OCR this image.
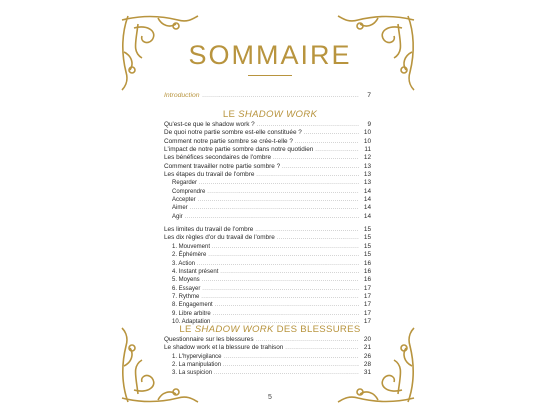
SOMMAIRE
Introduction .....	7
LE SHADOW WORK
Qu'est-ce que le shadow work ? .....	9
De quoi notre partie sombre est-elle constituée ? .....	10
Comment notre partie sombre se crée-t-elle ? .....	10
L'impact de notre partie sombre dans notre quotidien .....	11
Les bénéfices secondaires de l'ombre .....	12
Comment travailler notre partie sombre ? .....	13
Les étapes du travail de l'ombre .....	13
Regarder .....	13
Comprendre .....	14
Accepter .....	14
Aimer .....	14
Agir .....	14
Les limites du travail de l'ombre .....	15
Les dix règles d'or du travail de l'ombre .....	15
1. Mouvement .....	15
2. Éphémère .....	15
3. Action .....	16
4. Instant présent .....	16
5. Moyens .....	16
6. Essayer .....	17
7. Rythme .....	17
8. Engagement .....	17
9. Libre arbitre .....	17
10. Adaptation .....	17
LE SHADOW WORK DES BLESSURES
Questionnaire sur les blessures .....	20
Le shadow work et la blessure de trahison .....	21
1. L'hypervigilance .....	26
2. La manipulation .....	28
3. La suspicion .....	31
5
